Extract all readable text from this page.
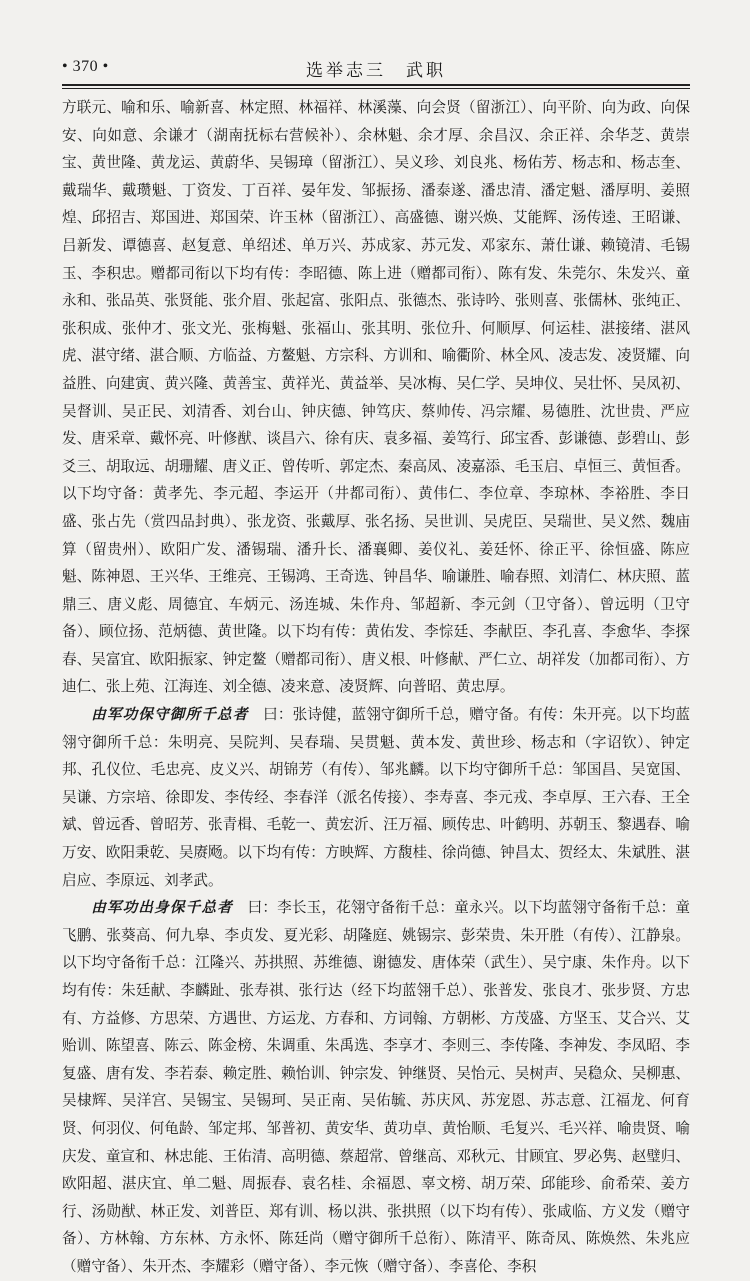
• 370 •	选举志三　武职

方联元、喻和乐、喻新喜、林定照、林福祥、林溪藻、向会贤（留浙江）、向平阶、向为政、向保安、向如意、余谦才（湖南抚标右营候补）、余林魁、余才厚、余昌汉、余正祥、余华芝、黄崇宝、黄世隆、黄龙运、黄蔚华、吴锡璋（留浙江）、吴义珍、刘良兆、杨佑芳、杨志和、杨志奎、戴瑞华、戴瓒魁、丁资发、丁百祥、晏年发、邹振扬、潘泰遂、潘忠清、潘定魁、潘厚明、姜照煌、邱招吉、郑国进、郑国荣、许玉林（留浙江）、高盛德、谢兴焕、艾能辉、汤传逵、王昭谦、吕新发、谭德喜、赵复意、单绍述、单万兴、苏成家、苏元发、邓家东、萧仕谦、赖镜清、毛锡玉、李积忠。赠都司衔以下均有传：李昭德、陈上进（赠都司衔）、陈有发、朱莞尔、朱发兴、童永和、张品英、张贤能、张介眉、张起富、张阳点、张德杰、张诗吟、张则喜、张儒林、张纯正、张积成、张仲才、张文光、张梅魁、张福山、张其明、张位升、何顺厚、何运桂、湛接绪、湛风虎、湛守绪、湛合顺、方临益、方鳌魁、方宗科、方训和、喻衢阶、林全风、凌志发、凌贤耀、向益胜、向建寅、黄兴隆、黄善宝、黄祥光、黄益举、吴冰梅、吴仁学、吴坤仪、吴壮怀、吴凤初、吴督训、吴正民、刘清香、刘台山、钟庆德、钟笃庆、蔡帅传、冯宗耀、易德胜、沈世贵、严应发、唐采章、戴怀亮、叶修猷、谈昌六、徐有庆、袁多福、姜笃行、邱宝香、彭谦德、彭碧山、彭爻三、胡取远、胡珊耀、唐义正、曾传听、郭定杰、秦高凤、凌嘉添、毛玉启、卓恒三、黄恒香。以下均守备：黄孝先、李元超、李运开（井都司衔）、黄伟仁、李位章、李琼林、李裕胜、李日盛、张占先（赏四品封典）、张龙资、张戴厚、张名扬、吴世训、吴虎臣、吴瑞世、吴义然、魏庙算（留贵州）、欧阳广发、潘锡瑞、潘升长、潘襄卿、姜仪礼、姜廷怀、徐正平、徐恒盛、陈应魁、陈神恩、王兴华、王维亮、王锡鸿、王奇选、钟昌华、喻谦胜、喻春照、刘清仁、林庆照、蓝鼎三、唐义彪、周德宜、车炳元、汤连城、朱作舟、邹超新、李元剑（卫守备）、曾远明（卫守备）、顾位扬、范炳德、黄世隆。以下均有传：黄佑发、李悰廷、李献臣、李孔喜、李愈华、李探春、吴富宜、欧阳振家、钟定鳌（赠都司衔）、唐义根、叶修献、严仁立、胡祥发（加都司衔）、方迪仁、张上苑、江海连、刘全德、凌来意、凌贤辉、向普昭、黄忠厚。

由军功保守御所千总者　曰：张诗健，蓝翎守御所千总，赠守备。有传：朱开亮。以下均蓝翎守御所千总：朱明亮、吴院判、吴春瑞、吴贯魁、黄本发、黄世珍、杨志和（字诏钦）、钟定邦、孔仪位、毛忠亮、皮义兴、胡锦芳（有传）、邹兆麟。以下均守御所千总：邹国昌、吴宽国、吴谦、方宗培、徐即发、李传经、李春洋（派名传接）、李寿喜、李元戎、李卓厚、王六春、王全斌、曾远香、曾昭芳、张青楫、毛乾一、黄宏沂、汪万福、顾传忠、叶鹤明、苏朝玉、黎遇春、喻万安、欧阳秉乾、吴赓飏。以下均有传：方映辉、方馥桂、徐尚德、钟昌太、贺经太、朱斌胜、湛启应、李原远、刘孝武。

由军功出身保千总者　曰：李长玉，花翎守备衔千总：童永兴。以下均蓝翎守备衔千总：童飞鹏、张葵高、何九皋、李贞发、夏光彩、胡隆庭、姚锡宗、彭荣贵、朱开胜（有传）、江静泉。以下均守备衔千总：江隆兴、苏拱照、苏维德、谢德发、唐体荣（武生）、吴宁康、朱作舟。以下均有传：朱廷献、李麟趾、张寿祺、张行达（经下均蓝翎千总）、张普发、张良才、张步贤、方忠有、方益修、方思荣、方遇世、方运龙、方春和、方词翰、方朝彬、方茂盛、方坚玉、艾合兴、艾贻训、陈望喜、陈云、陈金榜、朱调重、朱禹选、李享才、李则三、李传隆、李神发、李凤昭、李复盛、唐有发、李若泰、赖定胜、赖怡训、钟宗发、钟继贤、吴怡元、吴树声、吴稳众、吴柳惠、吴棣辉、吴洋宫、吴锡宝、吴锡珂、吴正南、吴佑毓、苏庆风、苏宠恩、苏志意、江福龙、何育贤、何羽仪、何龟龄、邹定邦、邹普初、黄安华、黄功卓、黄怡顺、毛复兴、毛兴祥、喻贵贤、喻庆发、童宣和、林忠能、王佑清、高明德、蔡超常、曾继高、邓秋元、甘顾宜、罗必隽、赵璧归、欧阳超、湛庆宜、单二魁、周振春、袁名桂、余福恩、辜文榜、胡万荣、邱能珍、俞希荣、姜方行、汤勋猷、林正发、刘普臣、郑有训、杨以洪、张拱照（以下均有传）、张咸临、方义发（赠守备）、方林翰、方东林、方永怀、陈廷尚（赠守御所千总衔）、陈清平、陈奇凤、陈焕然、朱兆应（赠守备）、朱开杰、李耀彩（赠守备）、李元恢（赠守备）、李喜伦、李积
